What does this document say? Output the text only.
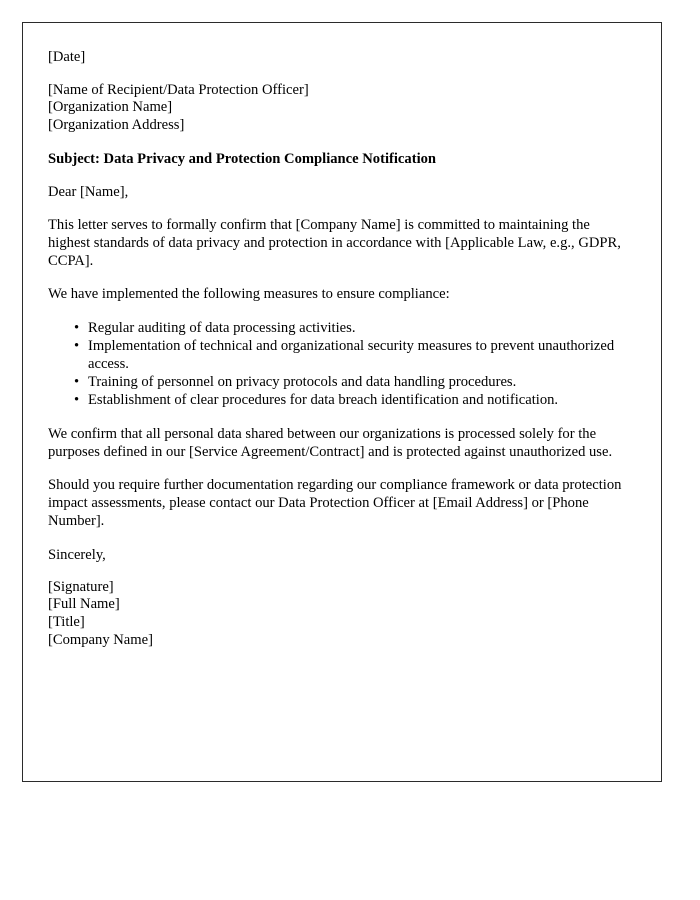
[Date]

[Name of Recipient/Data Protection Officer]

[Organization Name]

[Organization Address]

Subject: Data Privacy and Protection Compliance Notification

Dear [Name],

This letter serves to formally confirm that [Company Name] is committed to maintaining the highest standards of data privacy and protection in accordance with [Applicable Law, e.g., GDPR, CCPA].

We have implemented the following measures to ensure compliance:

• Regular auditing of data processing activities.
• Implementation of technical and organizational security measures to prevent unauthorized access.
• Training of personnel on privacy protocols and data handling procedures.
• Establishment of clear procedures for data breach identification and notification.

We confirm that all personal data shared between our organizations is processed solely for the purposes defined in our [Service Agreement/Contract] and is protected against unauthorized use.

Should you require further documentation regarding our compliance framework or data protection impact assessments, please contact our Data Protection Officer at [Email Address] or [Phone Number].

Sincerely,

[Signature]

[Full Name]

[Title]

[Company Name]
